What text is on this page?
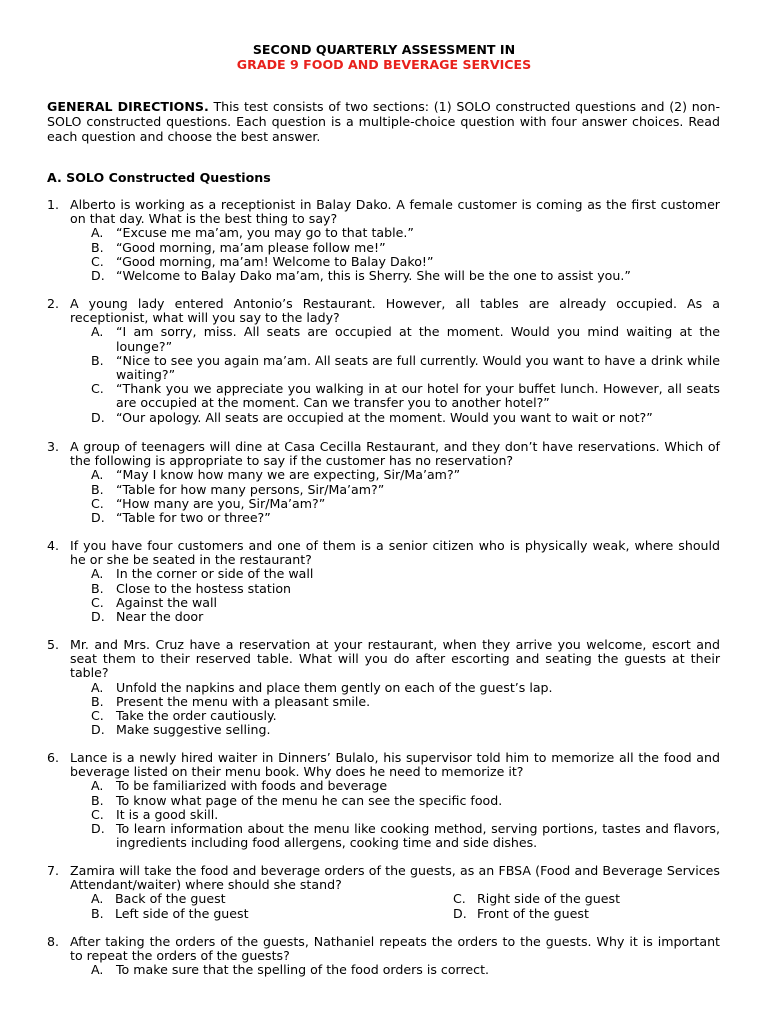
SECOND QUARTERLY ASSESSMENT IN
GRADE 9 FOOD AND BEVERAGE SERVICES
GENERAL DIRECTIONS. This test consists of two sections: (1) SOLO constructed questions and (2) non-SOLO constructed questions. Each question is a multiple-choice question with four answer choices. Read each question and choose the best answer.
A. SOLO Constructed Questions
1. Alberto is working as a receptionist in Balay Dako. A female customer is coming as the first customer on that day. What is the best thing to say?
A. “Excuse me ma’am, you may go to that table.”
B. “Good morning, ma’am please follow me!”
C. “Good morning, ma’am! Welcome to Balay Dako!”
D. “Welcome to Balay Dako ma’am, this is Sherry. She will be the one to assist you.”
2. A young lady entered Antonio’s Restaurant. However, all tables are already occupied. As a receptionist, what will you say to the lady?
A. “I am sorry, miss. All seats are occupied at the moment. Would you mind waiting at the lounge?”
B. “Nice to see you again ma’am. All seats are full currently. Would you want to have a drink while waiting?”
C. “Thank you we appreciate you walking in at our hotel for your buffet lunch. However, all seats are occupied at the moment. Can we transfer you to another hotel?”
D. “Our apology. All seats are occupied at the moment. Would you want to wait or not?”
3. A group of teenagers will dine at Casa Cecilla Restaurant, and they don’t have reservations. Which of the following is appropriate to say if the customer has no reservation?
A. “May I know how many we are expecting, Sir/Ma’am?”
B. “Table for how many persons, Sir/Ma’am?”
C. “How many are you, Sir/Ma’am?”
D. “Table for two or three?”
4. If you have four customers and one of them is a senior citizen who is physically weak, where should he or she be seated in the restaurant?
A. In the corner or side of the wall
B. Close to the hostess station
C. Against the wall
D. Near the door
5. Mr. and Mrs. Cruz have a reservation at your restaurant, when they arrive you welcome, escort and seat them to their reserved table. What will you do after escorting and seating the guests at their table?
A. Unfold the napkins and place them gently on each of the guest’s lap.
B. Present the menu with a pleasant smile.
C. Take the order cautiously.
D. Make suggestive selling.
6. Lance is a newly hired waiter in Dinners’ Bulalo, his supervisor told him to memorize all the food and beverage listed on their menu book. Why does he need to memorize it?
A. To be familiarized with foods and beverage
B. To know what page of the menu he can see the specific food.
C. It is a good skill.
D. To learn information about the menu like cooking method, serving portions, tastes and flavors, ingredients including food allergens, cooking time and side dishes.
7. Zamira will take the food and beverage orders of the guests, as an FBSA (Food and Beverage Services Attendant/waiter) where should she stand?
A. Back of the guest
B. Left side of the guest
C. Right side of the guest
D. Front of the guest
8. After taking the orders of the guests, Nathaniel repeats the orders to the guests. Why it is important to repeat the orders of the guests?
A. To make sure that the spelling of the food orders is correct.
